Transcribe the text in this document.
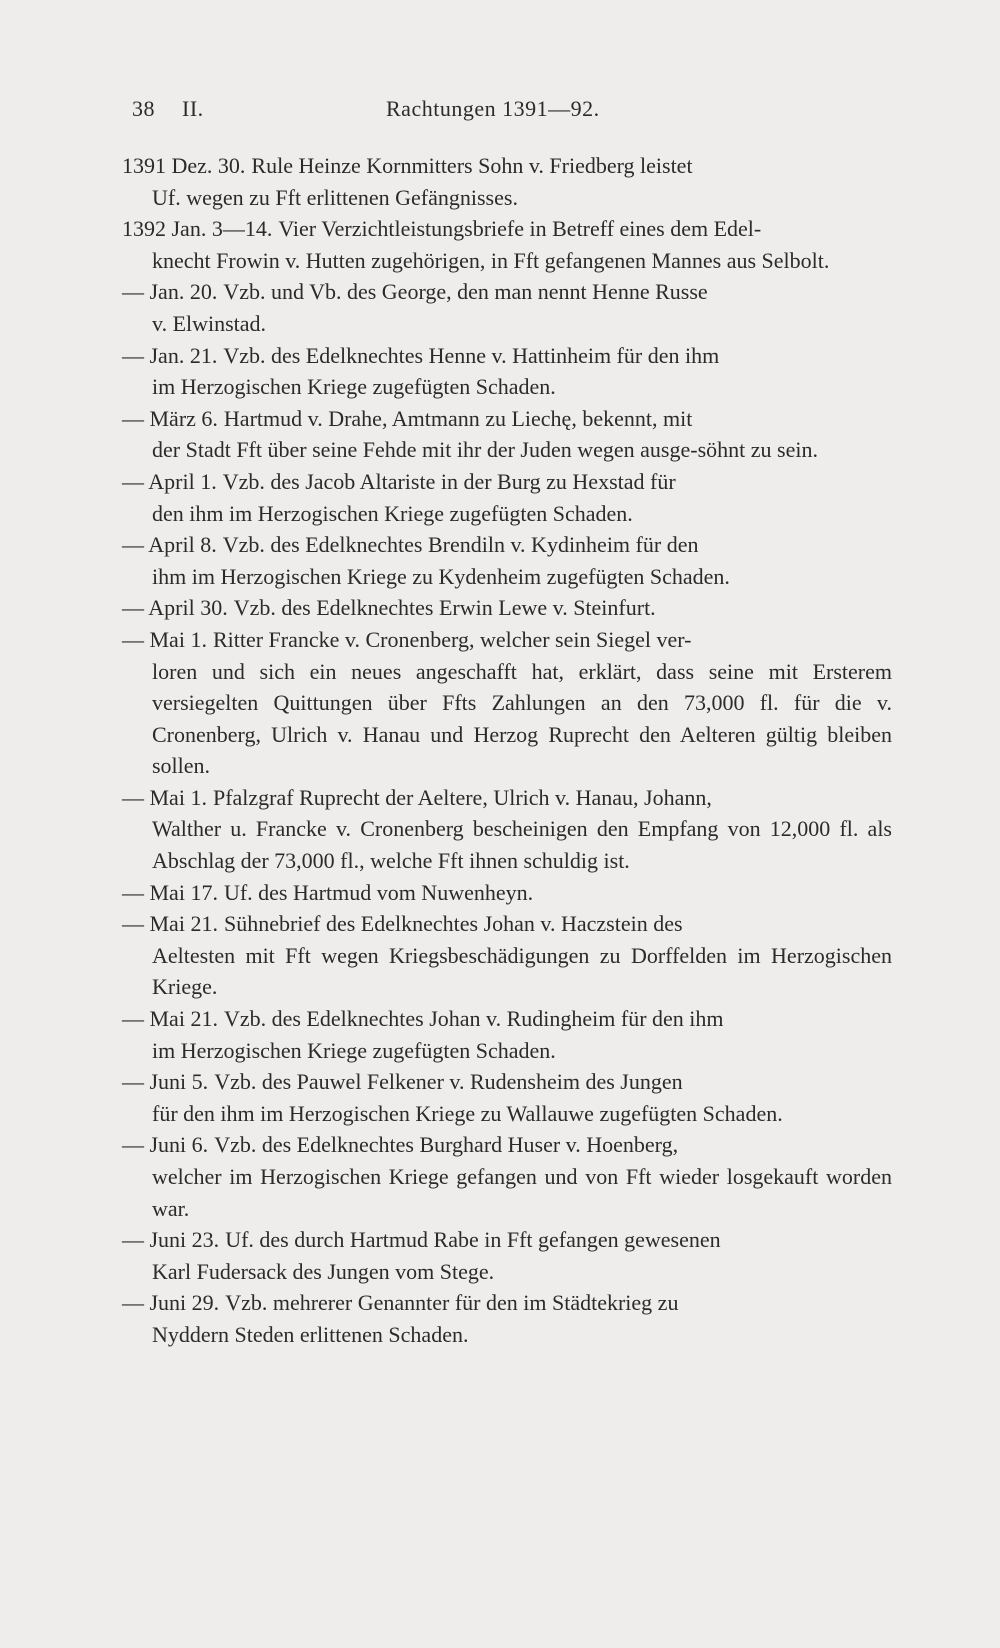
38 II.	Rachtungen 1391—92.
1391 Dez. 30. Rule Heinze Kornmitters Sohn v. Friedberg leistet
Uf. wegen zu Fft erlittenen Gefängnisses.
1392 Jan. 3—14. Vier Verzichtleistungsbriefe in Betreff eines dem Edel-
knecht Frowin v. Hutten zugehörigen, in Fft gefangenen Mannes aus Selbolt.
— Jan. 20. Vzb. und Vb. des George, den man nennt Henne Russe
v. Elwinstad.
— Jan. 21. Vzb. des Edelknechtes Henne v. Hattinheim für den ihm
im Herzogischen Kriege zugefügten Schaden.
— März 6. Hartmud v. Drahe, Amtmann zu Liechę, bekennt, mit
der Stadt Fft über seine Fehde mit ihr der Juden wegen ausge-söhnt zu sein.
— April 1. Vzb. des Jacob Altariste in der Burg zu Hexstad für
den ihm im Herzogischen Kriege zugefügten Schaden.
— April 8. Vzb. des Edelknechtes Brendiln v. Kydinheim für den
ihm im Herzogischen Kriege zu Kydenheim zugefügten Schaden.
— April 30. Vzb. des Edelknechtes Erwin Lewe v. Steinfurt.
— Mai 1. Ritter Francke v. Cronenberg, welcher sein Siegel ver-
loren und sich ein neues angeschafft hat, erklärt, dass seine mit Ersterem versiegelten Quittungen über Ffts Zahlungen an den 73,000 fl. für die v. Cronenberg, Ulrich v. Hanau und Herzog Ruprecht den Aelteren gültig bleiben sollen.
— Mai 1. Pfalzgraf Ruprecht der Aeltere, Ulrich v. Hanau, Johann,
Walther u. Francke v. Cronenberg bescheinigen den Empfang von 12,000 fl. als Abschlag der 73,000 fl., welche Fft ihnen schuldig ist.
— Mai 17. Uf. des Hartmud vom Nuwenheyn.
— Mai 21. Sühnebrief des Edelknechtes Johan v. Haczstein des
Aeltesten mit Fft wegen Kriegsbeschädigungen zu Dorffelden im Herzogischen Kriege.
— Mai 21. Vzb. des Edelknechtes Johan v. Rudingheim für den ihm
im Herzogischen Kriege zugefügten Schaden.
— Juni 5. Vzb. des Pauwel Felkener v. Rudensheim des Jungen
für den ihm im Herzogischen Kriege zu Wallauwe zugefügten Schaden.
— Juni 6. Vzb. des Edelknechtes Burghard Huser v. Hoenberg,
welcher im Herzogischen Kriege gefangen und von Fft wieder losgekauft worden war.
— Juni 23. Uf. des durch Hartmud Rabe in Fft gefangen gewesenen
Karl Fudersack des Jungen vom Stege.
— Juni 29. Vzb. mehrerer Genannter für den im Städtekrieg zu
Nyddern Steden erlittenen Schaden.
